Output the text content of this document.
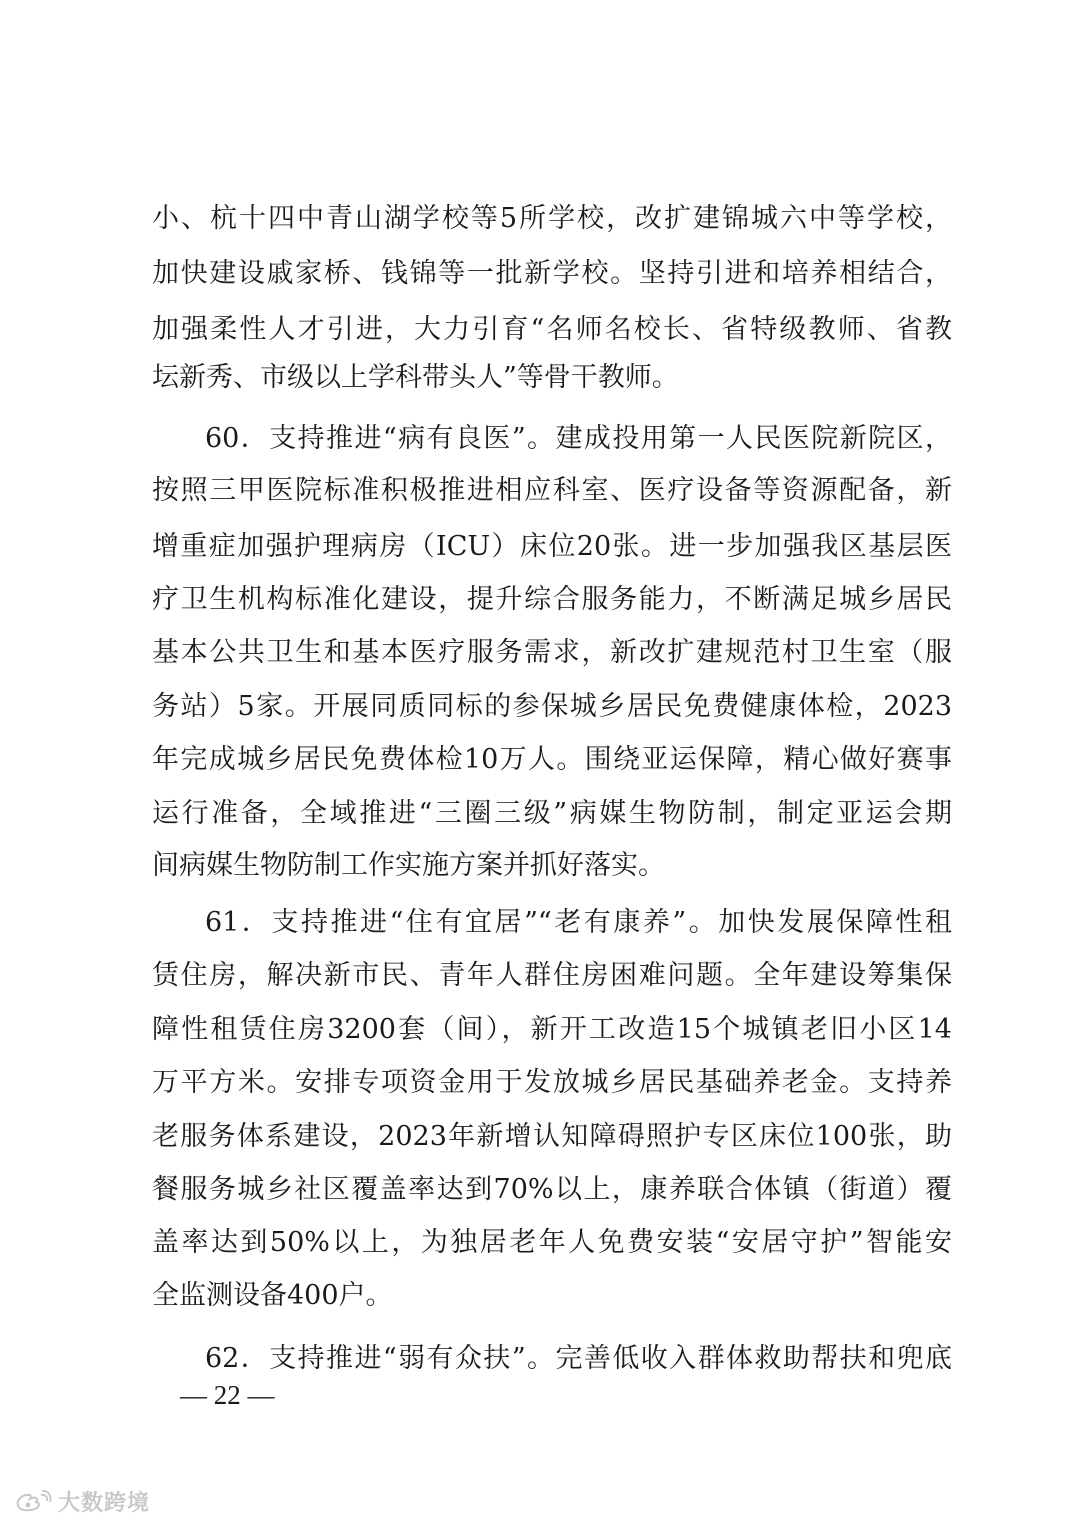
小、杭十四中青山湖学校等5所学校，改扩建锦城六中等学校，
加快建设戚家桥、钱锦等一批新学校。坚持引进和培养相结合，
加强柔性人才引进，大力引育“名师名校长、省特级教师、省教
坛新秀、市级以上学科带头人”等骨干教师。
60．支持推进“病有良医”。建成投用第一人民医院新院区，
按照三甲医院标准积极推进相应科室、医疗设备等资源配备，新
增重症加强护理病房（ICU）床位20张。进一步加强我区基层医
疗卫生机构标准化建设，提升综合服务能力，不断满足城乡居民
基本公共卫生和基本医疗服务需求，新改扩建规范村卫生室（服
务站）5家。开展同质同标的参保城乡居民免费健康体检，2023
年完成城乡居民免费体检10万人。围绕亚运保障，精心做好赛事
运行准备，全域推进“三圈三级”病媒生物防制，制定亚运会期
间病媒生物防制工作实施方案并抓好落实。
61．支持推进“住有宜居”“老有康养”。加快发展保障性租
赁住房，解决新市民、青年人群住房困难问题。全年建设筹集保
障性租赁住房3200套（间），新开工改造15个城镇老旧小区14
万平方米。安排专项资金用于发放城乡居民基础养老金。支持养
老服务体系建设，2023年新增认知障碍照护专区床位100张，助
餐服务城乡社区覆盖率达到70%以上，康养联合体镇（街道）覆
盖率达到50%以上，为独居老年人免费安装“安居守护”智能安
全监测设备400户。
62．支持推进“弱有众扶”。完善低收入群体救助帮扶和兜底
— 22 —
大数跨境
